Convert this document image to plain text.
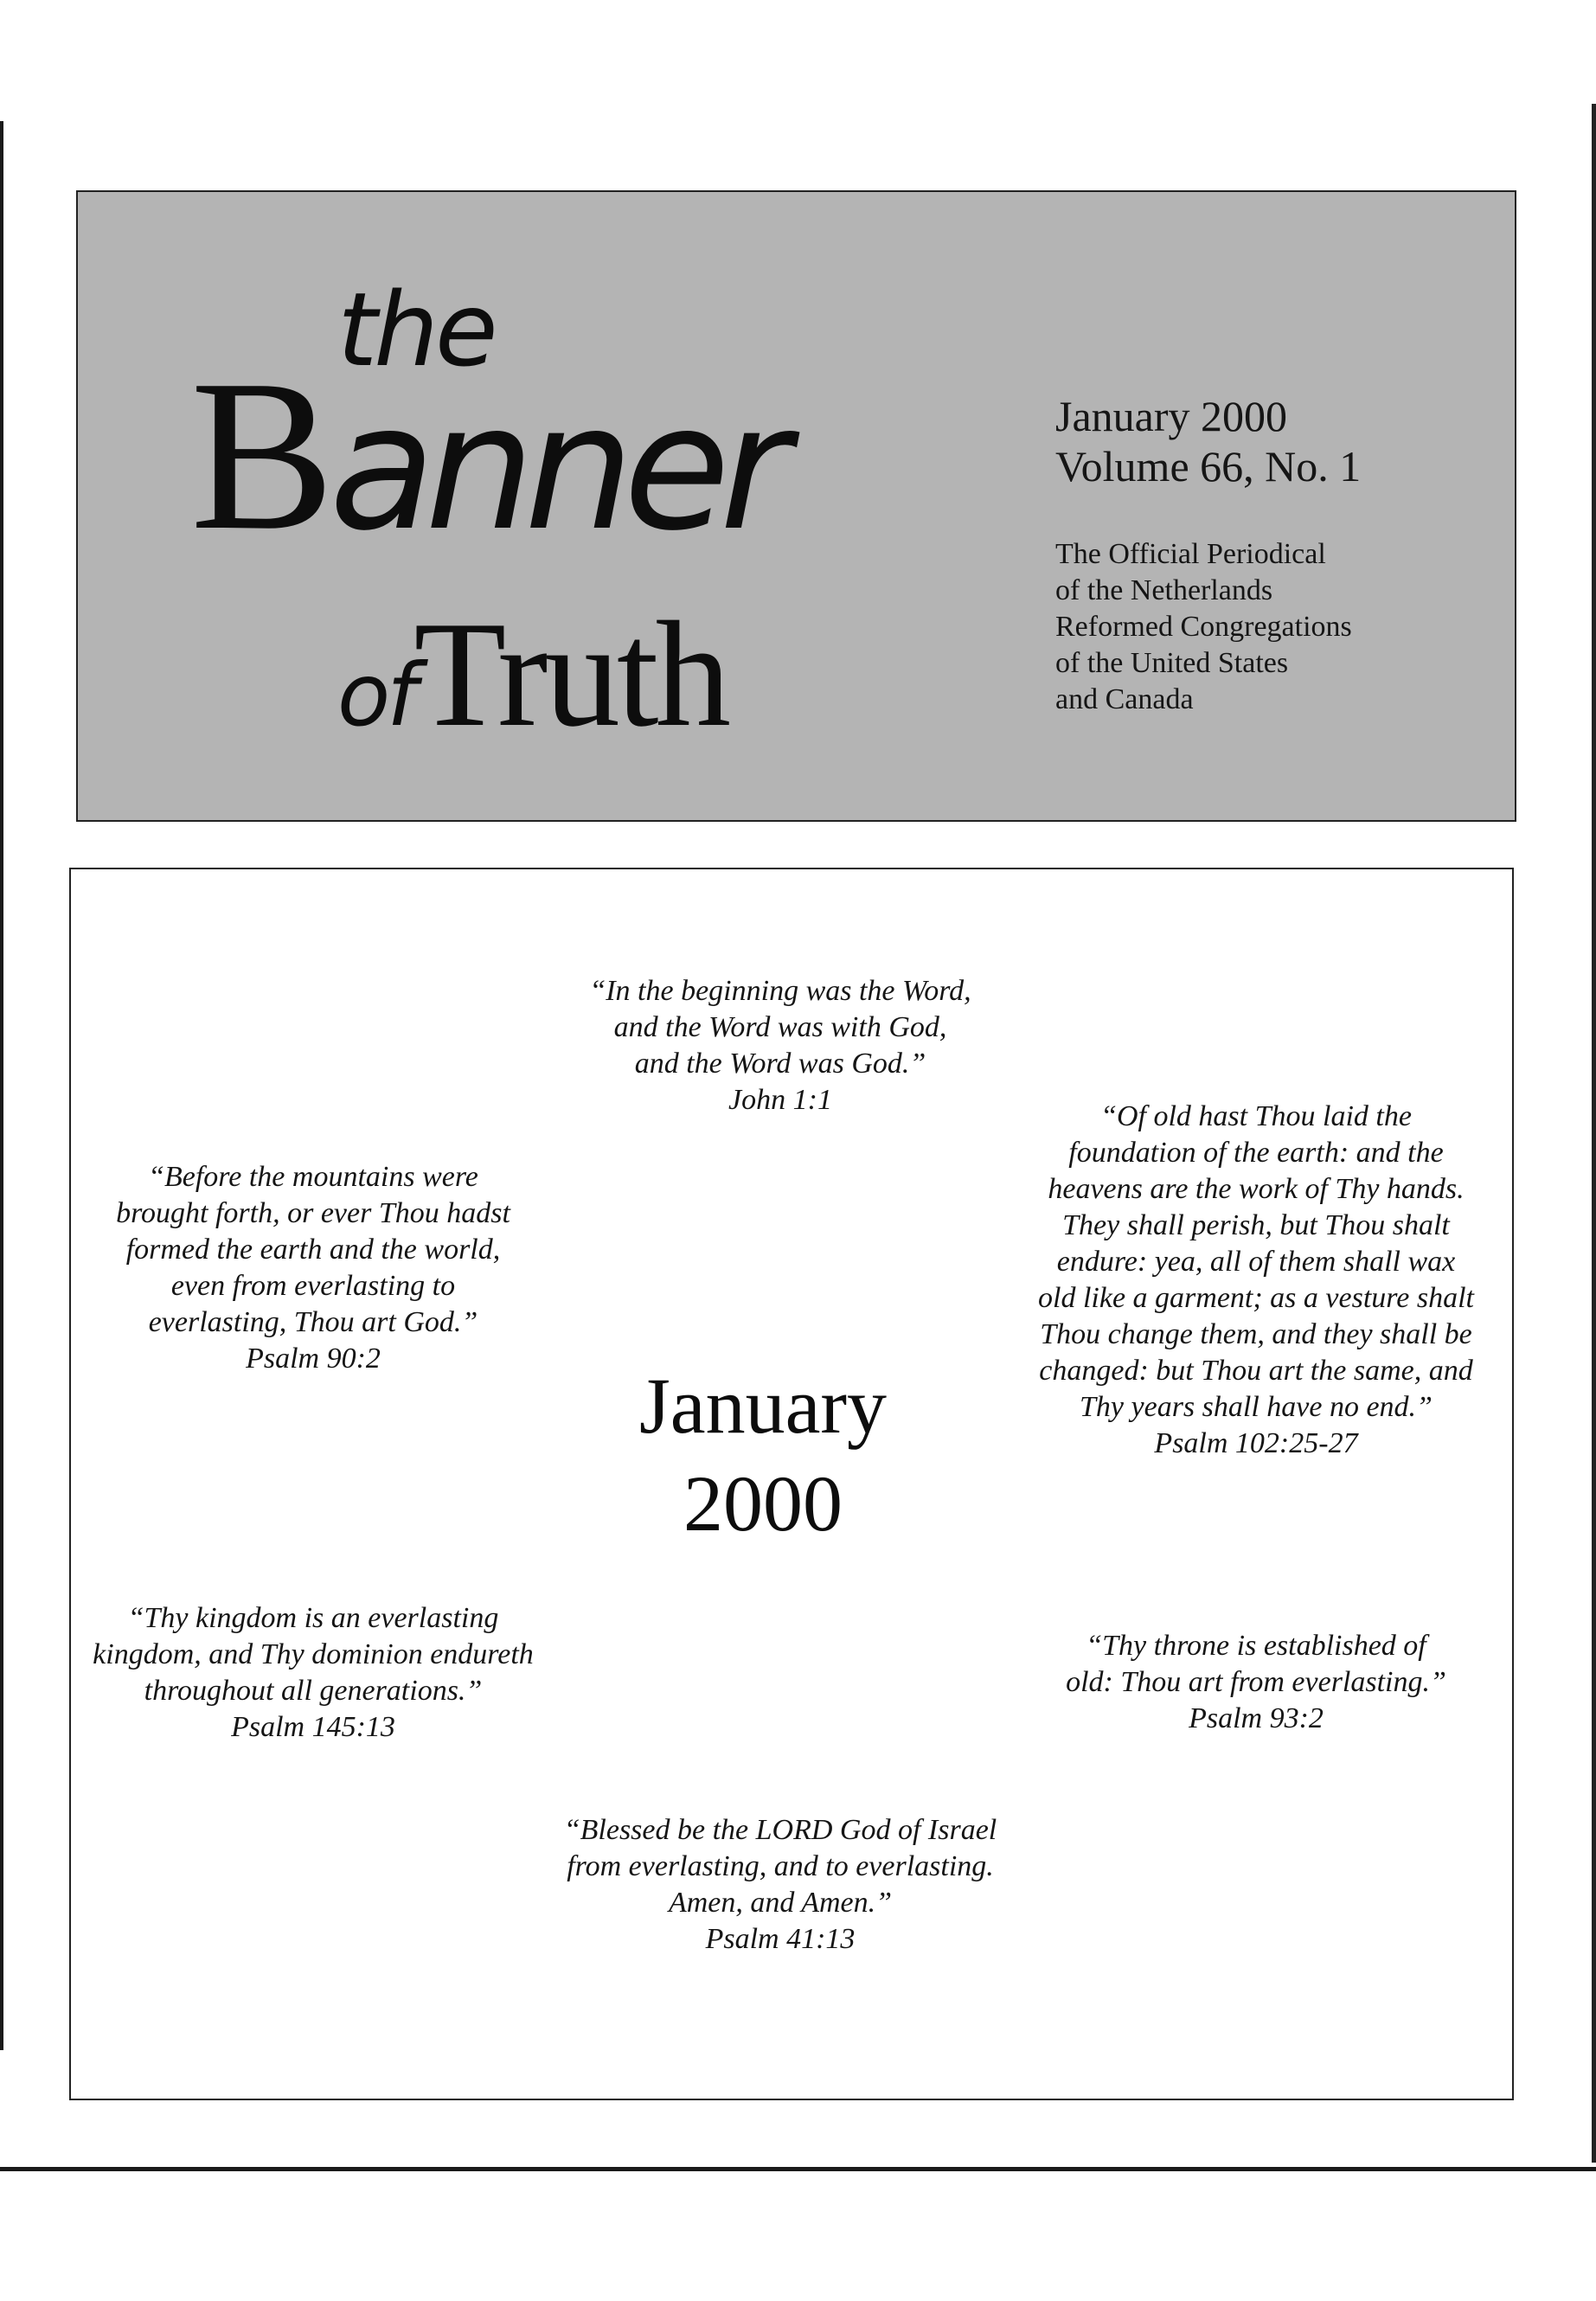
the
Banner
ofTruth
January 2000
Volume 66, No. 1
The Official Periodical
of the Netherlands
Reformed Congregations
of the United States
and Canada
“In the beginning was the Word,
and the Word was with God,
and the Word was God.”
John 1:1
“Before the mountains were
brought forth, or ever Thou hadst
formed the earth and the world,
even from everlasting to
everlasting, Thou art God.”
Psalm 90:2
“Of old hast Thou laid the
foundation of the earth: and the
heavens are the work of Thy hands.
They shall perish, but Thou shalt
endure: yea, all of them shall wax
old like a garment; as a vesture shalt
Thou change them, and they shall be
changed: but Thou art the same, and
Thy years shall have no end.”
Psalm 102:25-27
January
2000
“Thy kingdom is an everlasting
kingdom, and Thy dominion endureth
throughout all generations.”
Psalm 145:13
“Thy throne is established of
old: Thou art from everlasting.”
Psalm 93:2
“Blessed be the LORD God of Israel
from everlasting, and to everlasting.
Amen, and Amen.”
Psalm 41:13
